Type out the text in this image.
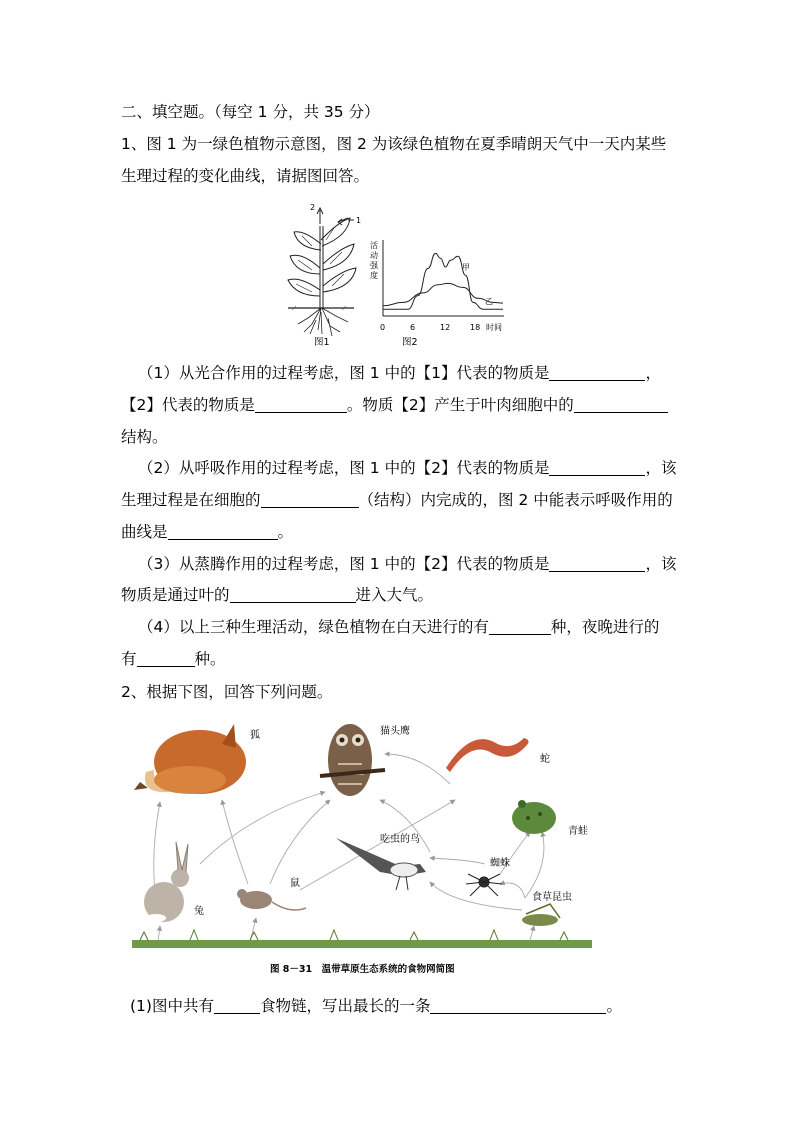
二、填空题。（每空 1 分，共 35 分）
1、图 1 为一绿色植物示意图，图 2 为该绿色植物在夏季晴朗天气中一天内某些
生理过程的变化曲线，请据图回答。
2
1
图1
活
动
强
度
0	6	12 18 时间
甲
乙
图2
（1）从光合作用的过程考虑，图 1 中的【1】代表的物质是	，
【2】代表的物质是	。物质【2】产生于叶肉细胞中的
结构。
（2）从呼吸作用的过程考虑，图 1 中的【2】代表的物质是	，该
生理过程是在细胞的	（结构）内完成的，图 2 中能表示呼吸作用的
曲线是	。
（3）从蒸腾作用的过程考虑，图 1 中的【2】代表的物质是	，该
物质是通过叶的	进入大气。
（4）以上三种生理活动，绿色植物在白天进行的有	种，夜晚进行的
有	种。
2、根据下图，回答下列问题。
狐	猫头鹰
蛇
青蛙
吃虫的鸟
蜘蛛
兔
鼠
食草昆虫
图 8－31　温带草原生态系统的食物网简图
(1)图中共有	食物链，写出最长的一条	。
